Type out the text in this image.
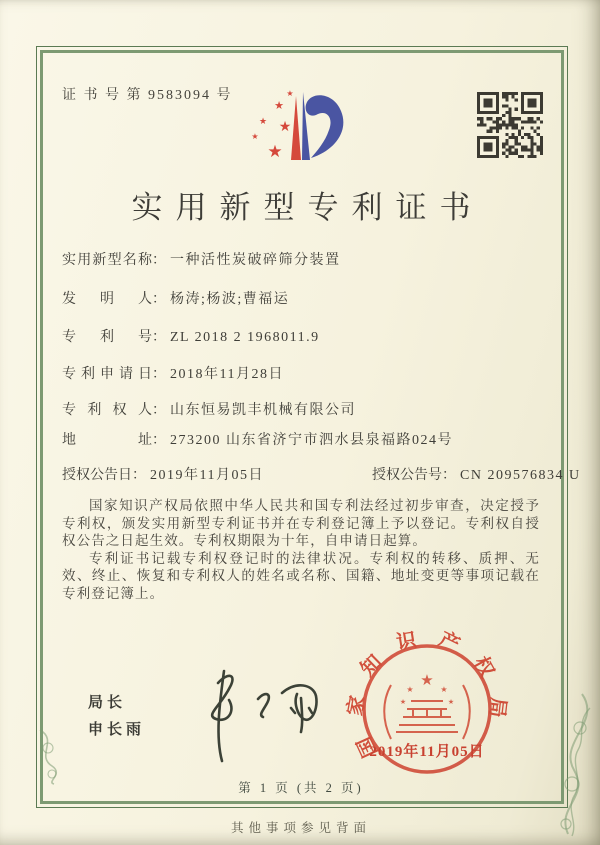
证 书 号 第 9583094 号
★
★ ★
★
★
★
实用新型专利证书
实用新型名称： 一种活性炭破碎筛分装置
发 明 人： 杨涛;杨波;曹福运
专 利 号： ZL 2018 2 1968011.9
专利申请日： 2018年11月28日
专 利 权 人： 山东恒易凯丰机械有限公司
地 址： 273200 山东省济宁市泗水县泉福路024号
授权公告日： 2019年11月05日	授权公告号： CN 209576834 U

国家知识产权局依照中华人民共和国专利法经过初步审查，决定授予专利权，颁发实用新型专利证书并在专利登记簿上予以登记。专利权自授权公告之日起生效。专利权期限为十年，自申请日起算。

专利证书记载专利权登记时的法律状况。专利权的转移、质押、无效、终止、恢复和专利权人的姓名或名称、国籍、地址变更等事项记载在专利登记簿上。

局长
申长雨	国家知识产权局
★
★	★
★	★
2019年11月05日
第 1 页 (共 2 页)
其他事项参见背面
